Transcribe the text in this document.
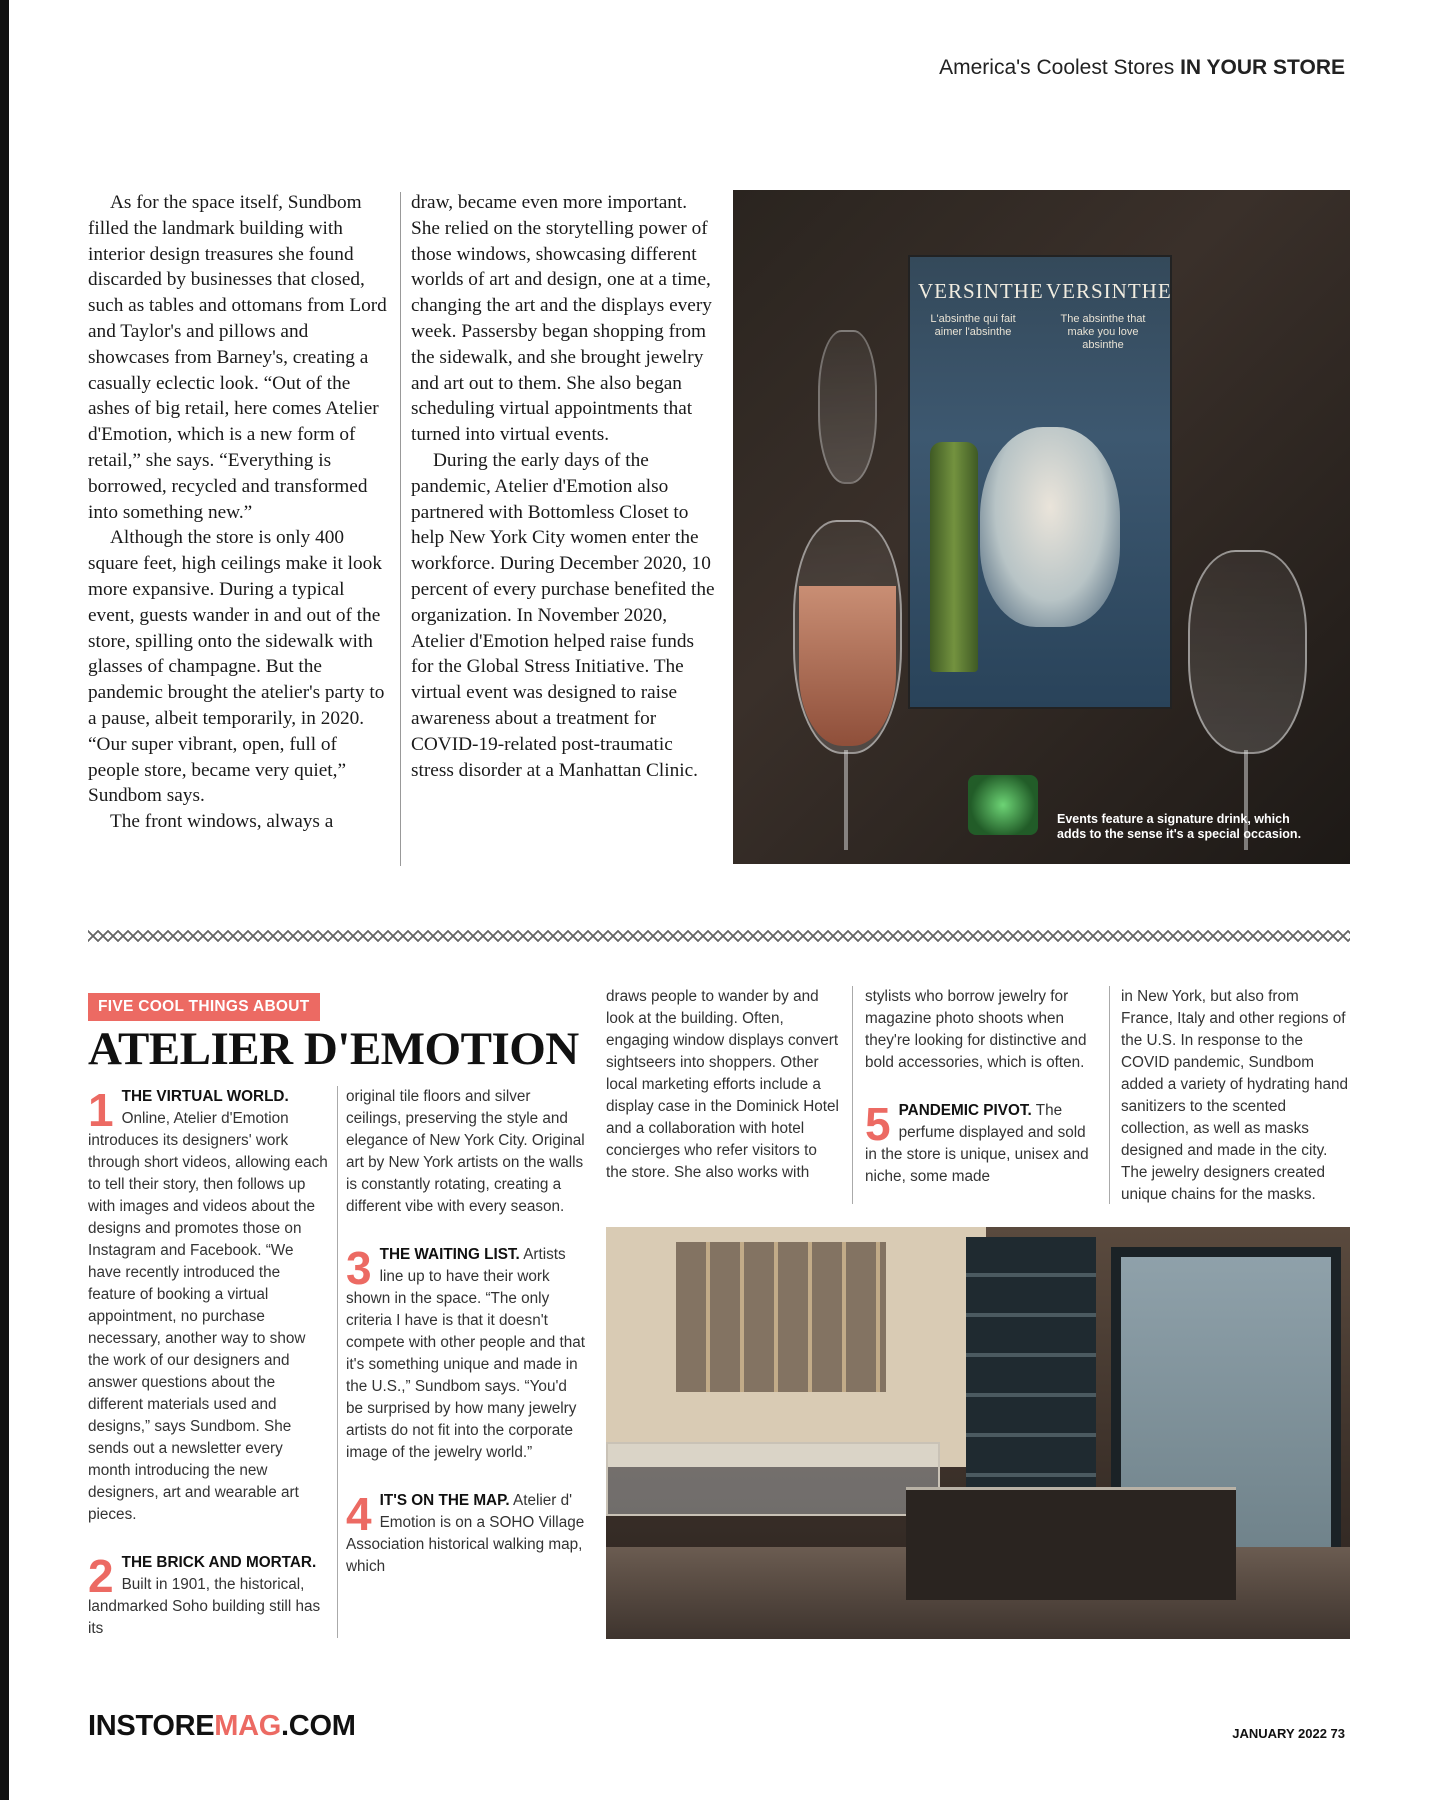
America's Coolest Stores IN YOUR STORE

As for the space itself, Sundbom filled the landmark building with interior design treasures she found discarded by businesses that closed, such as tables and ottomans from Lord and Taylor's and pillows and showcases from Barney's, creating a casually eclectic look. “Out of the ashes of big retail, here comes Atelier d'Emotion, which is a new form of retail,” she says. “Everything is borrowed, recycled and transformed into something new.”

Although the store is only 400 square feet, high ceilings make it look more expansive. During a typical event, guests wander in and out of the store, spilling onto the sidewalk with glasses of champagne. But the pandemic brought the atelier's party to a pause, albeit temporarily, in 2020. “Our super vibrant, open, full of people store, became very quiet,” Sundbom says.

The front windows, always a

draw, became even more important. She relied on the storytelling power of those windows, showcasing different worlds of art and design, one at a time, changing the art and the displays every week. Passersby began shopping from the sidewalk, and she brought jewelry and art out to them. She also began scheduling virtual appointments that turned into virtual events.

During the early days of the pandemic, Atelier d'Emotion also partnered with Bottomless Closet to help New York City women enter the workforce. During December 2020, 10 percent of every purchase benefited the organization. In November 2020, Atelier d'Emotion helped raise funds for the Global Stress Initiative. The virtual event was designed to raise awareness about a treatment for COVID-19-related post-traumatic stress disorder at a Manhattan Clinic.

VERSINTHE VERSINTHE
L'absinthe qui fait aimer l'absinthe
The absinthe that make you love absinthe
Events feature a signature drink, which adds to the sense it's a special occasion.
FIVE COOL THINGS ABOUT
ATELIER D'EMOTION

1 THE VIRTUAL WORLD. Online, Atelier d'Emotion introduces its designers' work through short videos, allowing each to tell their story, then follows up with images and videos about the designs and promotes those on Instagram and Facebook. “We have recently introduced the feature of booking a virtual appointment, no purchase necessary, another way to show the work of our designers and answer questions about the different materials used and designs,” says Sundbom. She sends out a newsletter every month introducing the new designers, art and wearable art pieces.

2 THE BRICK AND MORTAR. Built in 1901, the historical, landmarked Soho building still has its

original tile floors and silver ceilings, preserving the style and elegance of New York City. Original art by New York artists on the walls is constantly rotating, creating a different vibe with every season.

3 THE WAITING LIST. Artists line up to have their work shown in the space. “The only criteria I have is that it doesn't compete with other people and that it's something unique and made in the U.S.,” Sundbom says. “You'd be surprised by how many jewelry artists do not fit into the corporate image of the jewelry world.”

4 IT'S ON THE MAP. Atelier d' Emotion is on a SOHO Village Association historical walking map, which

draws people to wander by and look at the building. Often, engaging window displays convert sightseers into shoppers. Other local marketing efforts include a display case in the Dominick Hotel and a collaboration with hotel concierges who refer visitors to the store. She also works with

stylists who borrow jewelry for magazine photo shoots when they're looking for distinctive and bold accessories, which is often.

5 PANDEMIC PIVOT. The perfume displayed and sold in the store is unique, unisex and niche, some made

in New York, but also from France, Italy and other regions of the U.S. In response to the COVID pandemic, Sundbom added a variety of hydrating hand sanitizers to the scented collection, as well as masks designed and made in the city. The jewelry designers created unique chains for the masks.

INSTOREMAG.COM	JANUARY 2022 73
